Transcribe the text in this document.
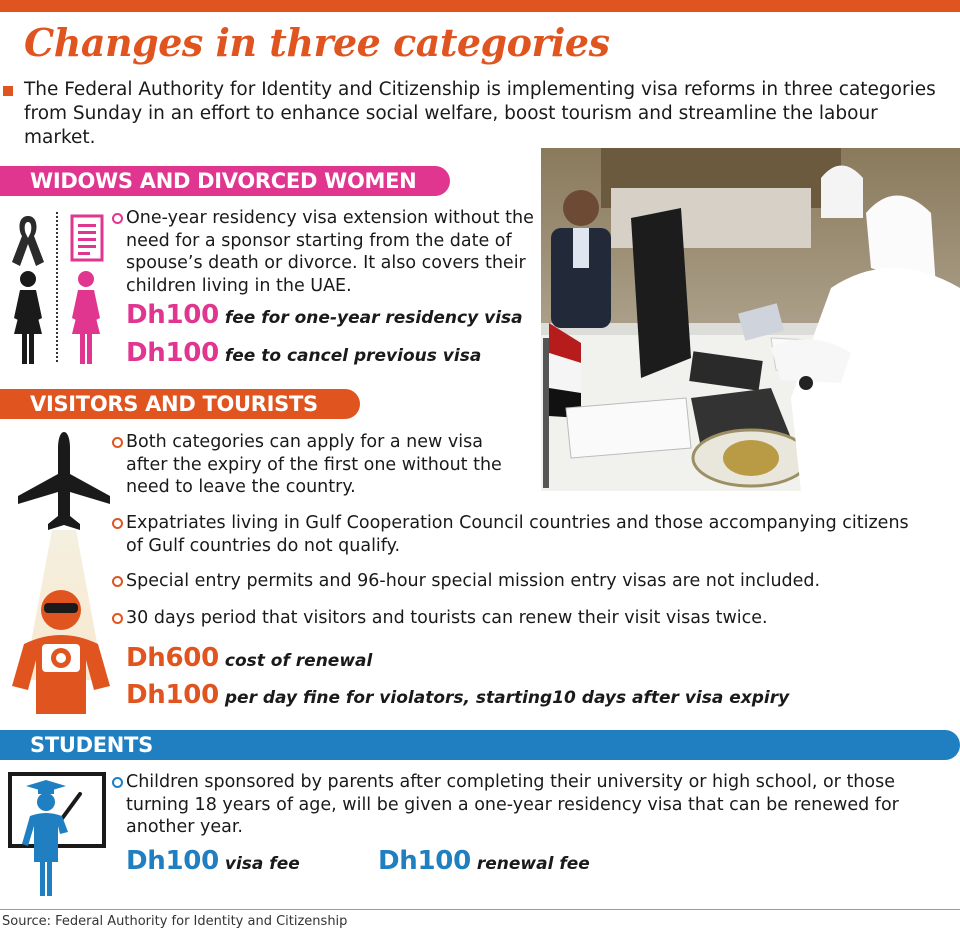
Changes in three categories
The Federal Authority for Identity and Citizenship is implementing visa reforms in three categories from Sunday in an effort to enhance social welfare, boost tourism and streamline the labour market.
WIDOWS AND DIVORCED WOMEN
One-year residency visa extension without the need for a sponsor starting from the date of spouse’s death or divorce. It also covers their children living in the UAE.
Dh100 fee for one-year residency visa
Dh100 fee to cancel previous visa
VISITORS AND TOURISTS
Both categories can apply for a new visa after the expiry of the first one without the need to leave the country.
Expatriates living in Gulf Cooperation Council countries and those accompanying citizens of Gulf countries do not qualify.
Special entry permits and 96-hour special mission entry visas are not included.
30 days period that visitors and tourists can renew their visit visas twice.
Dh600 cost of renewal
Dh100 per day fine for violators, starting10 days after visa expiry
STUDENTS
Children sponsored by parents after completing their university or high school, or those turning 18 years of age, will be given a one-year residency visa that can be renewed for another year.
Dh100 visa fee	Dh100 renewal fee
Source: Federal Authority for Identity and Citizenship
